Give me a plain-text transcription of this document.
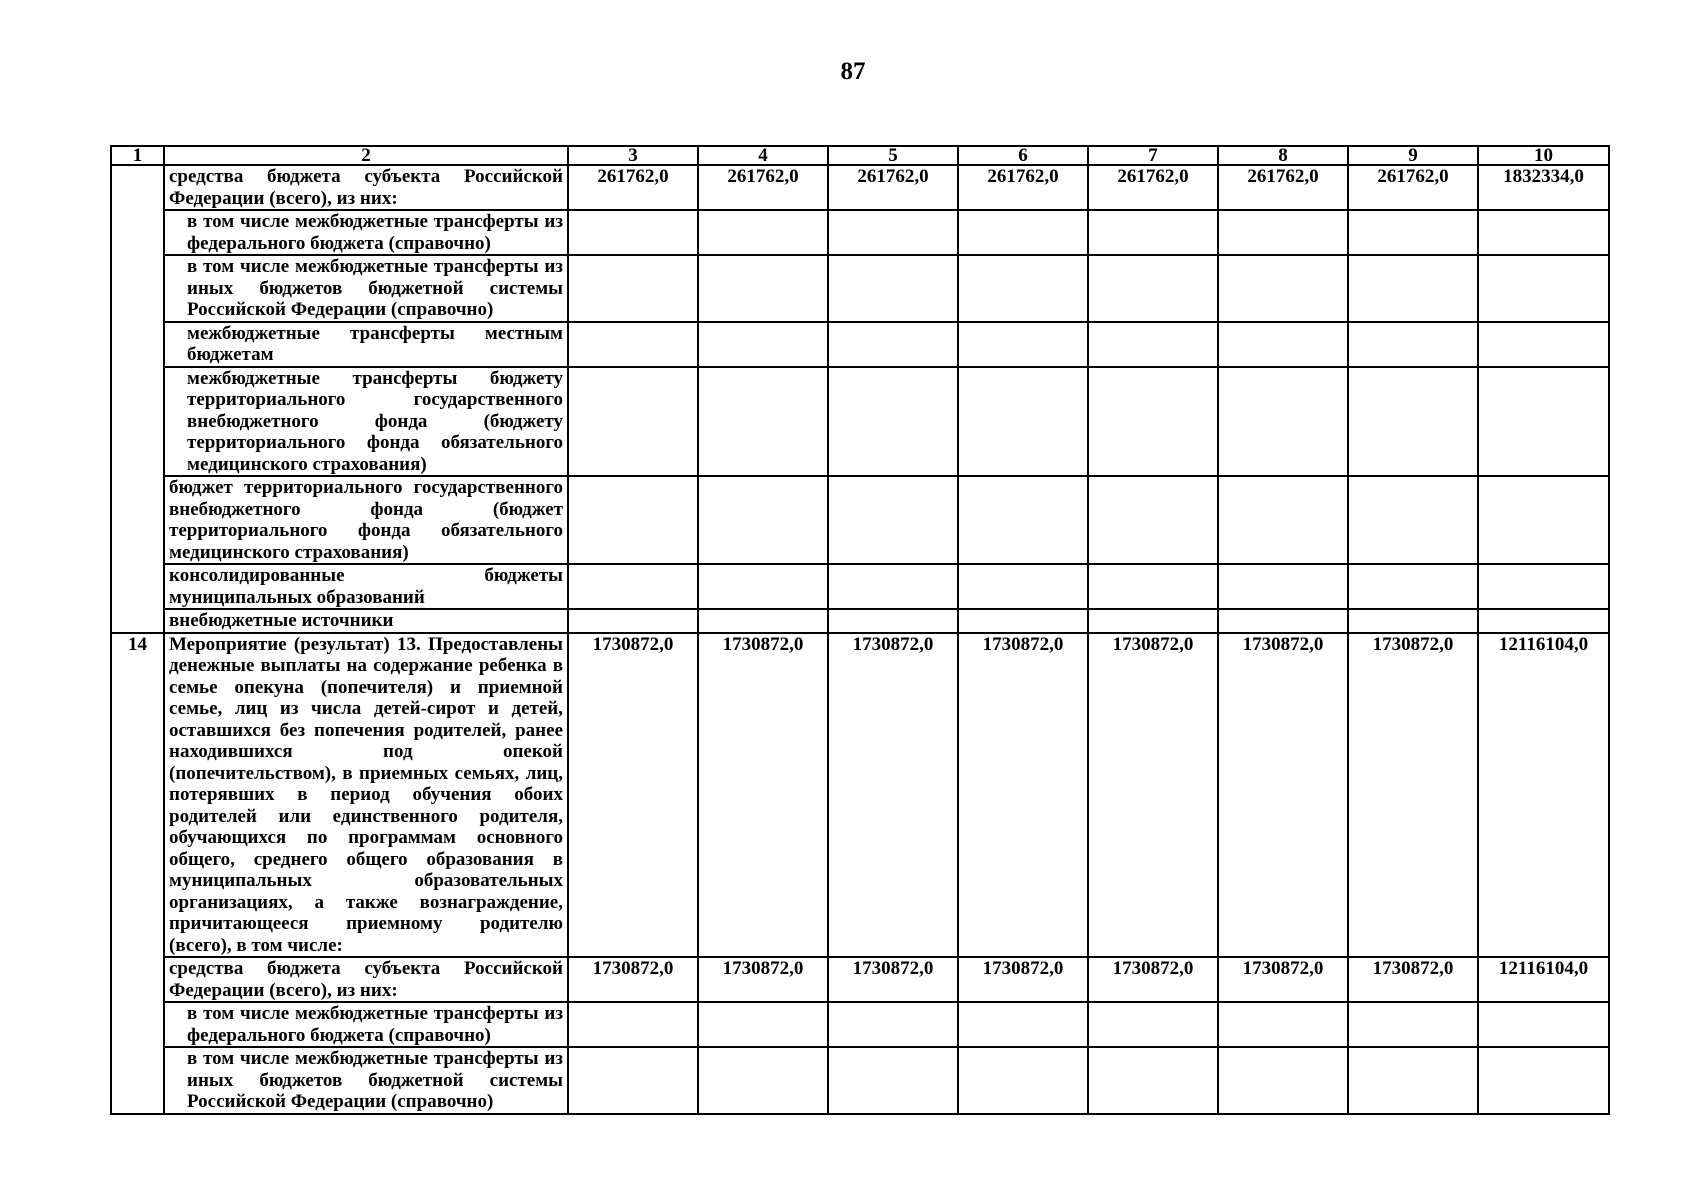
87
1	2	3	4	5	6	7	8	9	10
	средства бюджета субъекта Российской Федерации (всего), из них:	261762,0	261762,0	261762,0	261762,0	261762,0	261762,0	261762,0	1832334,0
	в том числе межбюджетные трансферты из федерального бюджета (справочно)								
	в том числе межбюджетные трансферты из иных бюджетов бюджетной системы Российской Федерации (справочно)								
	межбюджетные трансферты местным бюджетам								
	межбюджетные трансферты бюджету территориального государственного внебюджетного фонда (бюджету территориального фонда обязательного медицинского страхования)								
	бюджет территориального государственного внебюджетного фонда (бюджет территориального фонда обязательного медицинского страхования)								
	консолидированные бюджеты муниципальных образований								
	внебюджетные источники								
14	Мероприятие (результат) 13. Предоставлены денежные выплаты на содержание ребенка в семье опекуна (попечителя) и приемной семье, лиц из числа детей-сирот и детей, оставшихся без попечения родителей, ранее находившихся под опекой (попечительством), в приемных семьях, лиц, потерявших в период обучения обоих родителей или единственного родителя, обучающихся по программам основного общего, среднего общего образования в муниципальных образовательных организациях, а также вознаграждение, причитающееся приемному родителю (всего), в том числе:	1730872,0	1730872,0	1730872,0	1730872,0	1730872,0	1730872,0	1730872,0	12116104,0
	средства бюджета субъекта Российской Федерации (всего), из них:	1730872,0	1730872,0	1730872,0	1730872,0	1730872,0	1730872,0	1730872,0	12116104,0
	в том числе межбюджетные трансферты из федерального бюджета (справочно)								
	в том числе межбюджетные трансферты из иных бюджетов бюджетной системы Российской Федерации (справочно)								
